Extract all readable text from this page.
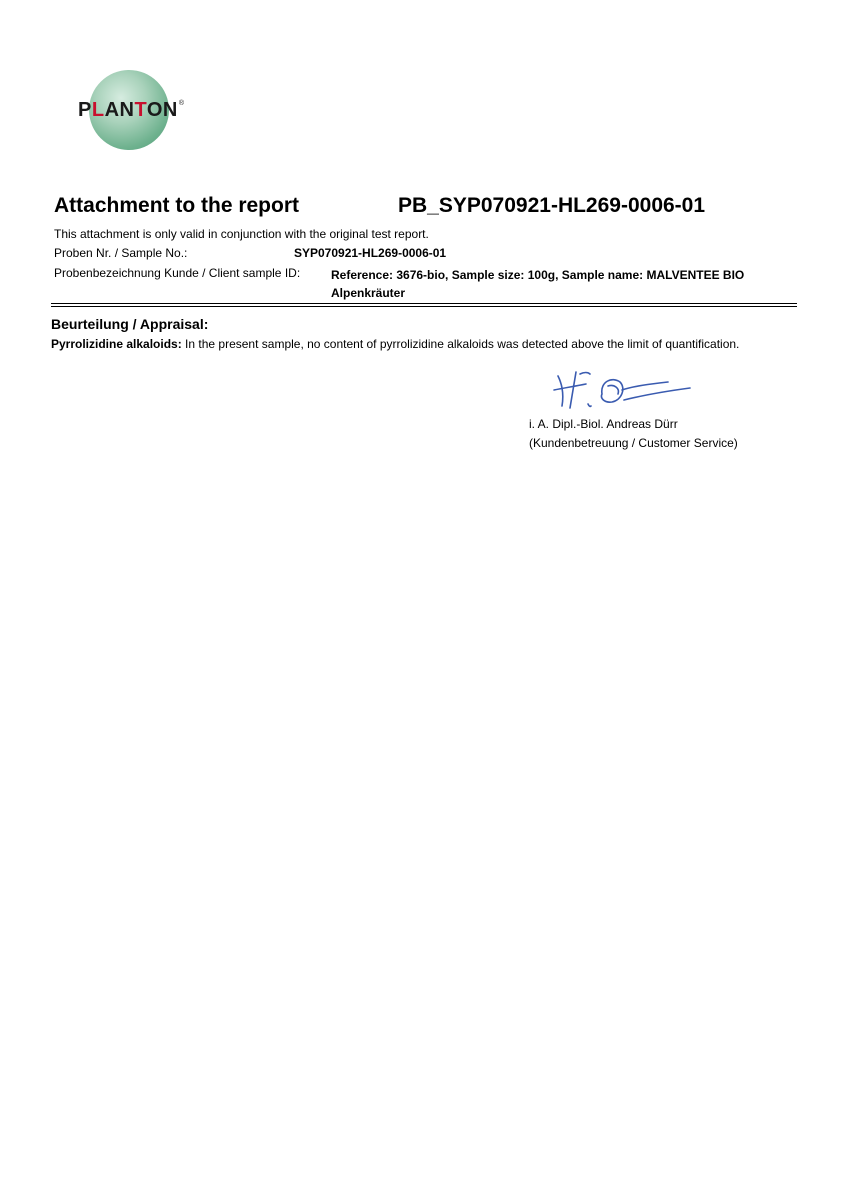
PLANTON®
Attachment to the report	PB_SYP070921-HL269-0006-01
This attachment is only valid in conjunction with the original test report.
Proben Nr. / Sample No.:	SYP070921-HL269-0006-01
Probenbezeichnung Kunde / Client sample ID:	Reference: 3676-bio, Sample size: 100g, Sample name: MALVENTEE BIO
Alpenkräuter
Beurteilung / Appraisal:
Pyrrolizidine alkaloids: In the present sample, no content of pyrrolizidine alkaloids was detected above the limit of quantification.
i. A. Dipl.-Biol. Andreas Dürr
(Kundenbetreuung / Customer Service)
